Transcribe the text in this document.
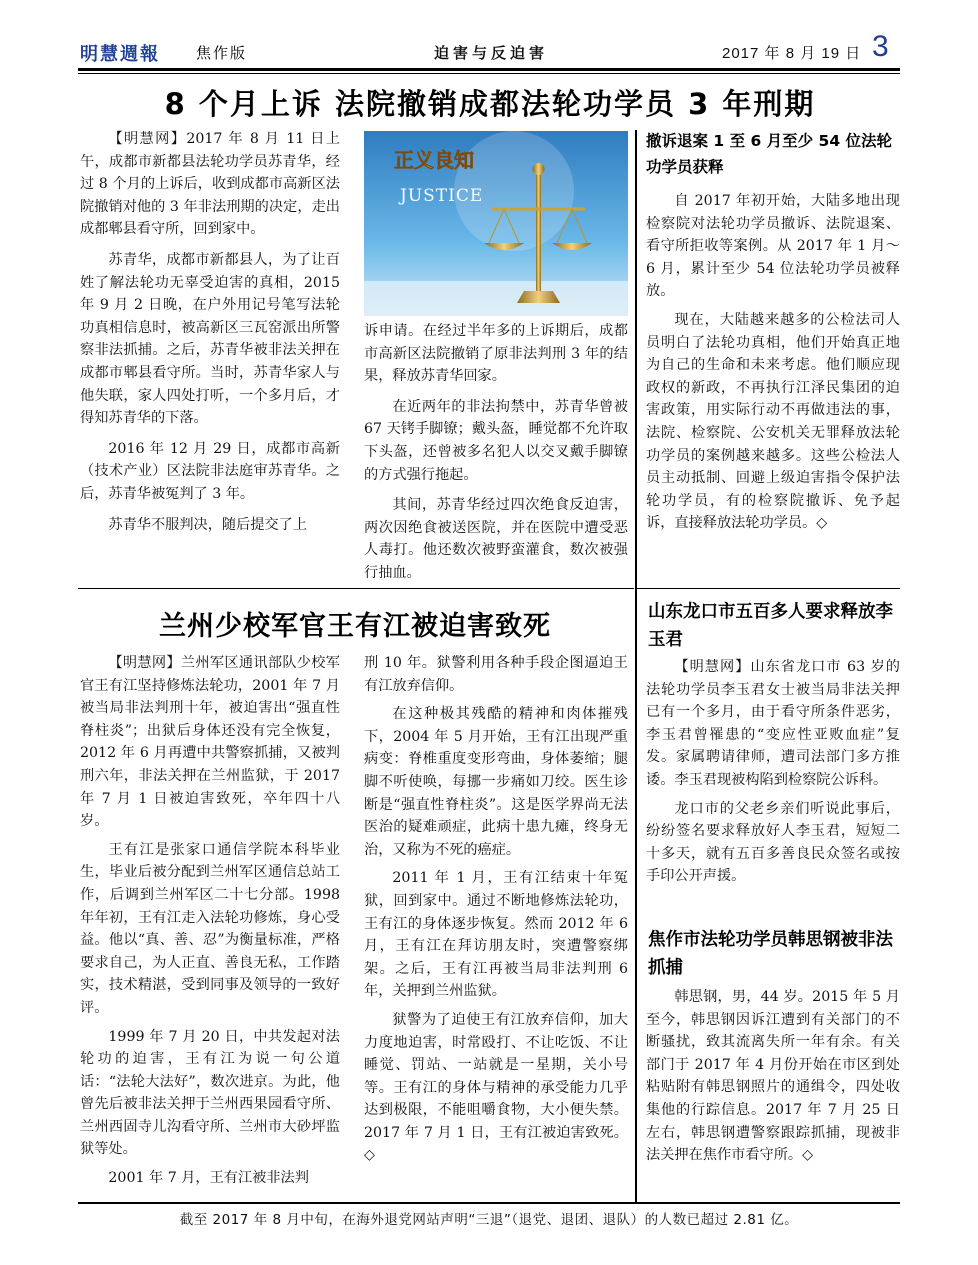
明慧週報 焦作版	迫害与反迫害	2017 年 8 月 19 日 3
8 个月上诉 法院撤销成都法轮功学员 3 年刑期

【明慧网】2017 年 8 月 11 日上午，成都市新都县法轮功学员苏青华，经过 8 个月的上诉后，收到成都市高新区法院撤销对他的 3 年非法刑期的决定，走出成都郫县看守所，回到家中。

苏青华，成都市新都县人，为了让百姓了解法轮功无辜受迫害的真相，2015 年 9 月 2 日晚，在户外用记号笔写法轮功真相信息时，被高新区三瓦窑派出所警察非法抓捕。之后，苏青华被非法关押在成都市郫县看守所。当时，苏青华家人与他失联，家人四处打听，一个多月后，才得知苏青华的下落。

2016 年 12 月 29 日，成都市高新（技术产业）区法院非法庭审苏青华。之后，苏青华被冤判了 3 年。

苏青华不服判决，随后提交了上

正义良知
JUSTICE

诉申请。在经过半年多的上诉期后，成都市高新区法院撤销了原非法判刑 3 年的结果，释放苏青华回家。

在近两年的非法拘禁中，苏青华曾被 67 天铐手脚镣；戴头盔，睡觉都不允许取下头盔，还曾被多名犯人以交叉戴手脚镣的方式强行拖起。

其间，苏青华经过四次绝食反迫害，两次因绝食被送医院，并在医院中遭受恶人毒打。他还数次被野蛮灌食，数次被强行抽血。

撤诉退案 1 至 6 月至少 54 位法轮功学员获释

自 2017 年初开始，大陆多地出现检察院对法轮功学员撤诉、法院退案、看守所拒收等案例。从 2017 年 1 月～6 月，累计至少 54 位法轮功学员被释放。

现在，大陆越来越多的公检法司人员明白了法轮功真相，他们开始真正地为自己的生命和未来考虑。他们顺应现政权的新政，不再执行江泽民集团的迫害政策，用实际行动不再做违法的事，法院、检察院、公安机关无罪释放法轮功学员的案例越来越多。这些公检法人员主动抵制、回避上级迫害指令保护法轮功学员，有的检察院撤诉、免予起诉，直接释放法轮功学员。◇

兰州少校军官王有江被迫害致死

【明慧网】兰州军区通讯部队少校军官王有江坚持修炼法轮功，2001 年 7 月被当局非法判刑十年，被迫害出“强直性脊柱炎”；出狱后身体还没有完全恢复，2012 年 6 月再遭中共警察抓捕，又被判刑六年，非法关押在兰州监狱，于 2017 年 7 月 1 日被迫害致死，卒年四十八岁。

王有江是张家口通信学院本科毕业生，毕业后被分配到兰州军区通信总站工作，后调到兰州军区二十七分部。1998 年年初，王有江走入法轮功修炼，身心受益。他以“真、善、忍”为衡量标准，严格要求自己，为人正直、善良无私，工作踏实，技术精湛，受到同事及领导的一致好评。

1999 年 7 月 20 日，中共发起对法轮功的迫害，王有江为说一句公道话：“法轮大法好”，数次进京。为此，他曾先后被非法关押于兰州西果园看守所、兰州西固寺儿沟看守所、兰州市大砂坪监狱等处。

2001 年 7 月，王有江被非法判

刑 10 年。狱警利用各种手段企图逼迫王有江放弃信仰。

在这种极其残酷的精神和肉体摧残下，2004 年 5 月开始，王有江出现严重病变：脊椎重度变形弯曲，身体萎缩；腿脚不听使唤，每挪一步痛如刀绞。医生诊断是“强直性脊柱炎”。这是医学界尚无法医治的疑难顽症，此病十患九瘫，终身无治，又称为不死的癌症。

2011 年 1 月，王有江结束十年冤狱，回到家中。通过不断地修炼法轮功，王有江的身体逐步恢复。然而 2012 年 6 月，王有江在拜访朋友时，突遭警察绑架。之后，王有江再被当局非法判刑 6 年，关押到兰州监狱。

狱警为了迫使王有江放弃信仰，加大力度地迫害，时常殴打、不让吃饭、不让睡觉、罚站、一站就是一星期，关小号等。王有江的身体与精神的承受能力几乎达到极限，不能咀嚼食物，大小便失禁。2017 年 7 月 1 日，王有江被迫害致死。◇

山东龙口市五百多人要求释放李玉君

【明慧网】山东省龙口市 63 岁的法轮功学员李玉君女士被当局非法关押已有一个多月，由于看守所条件恶劣，李玉君曾罹患的“变应性亚败血症”复发。家属聘请律师，遭司法部门多方推诿。李玉君现被构陷到检察院公诉科。

龙口市的父老乡亲们听说此事后，纷纷签名要求释放好人李玉君，短短二十多天，就有五百多善良民众签名或按手印公开声援。

焦作市法轮功学员韩思钢被非法抓捕

韩思钢，男，44 岁。2015 年 5 月至今，韩思钢因诉江遭到有关部门的不断骚扰，致其流离失所一年有余。有关部门于 2017 年 4 月份开始在市区到处粘贴附有韩思钢照片的通缉令，四处收集他的行踪信息。2017 年 7 月 25 日左右，韩思钢遭警察跟踪抓捕，现被非法关押在焦作市看守所。◇

截至 2017 年 8 月中旬，在海外退党网站声明“三退”（退党、退团、退队）的人数已超过 2.81 亿。
